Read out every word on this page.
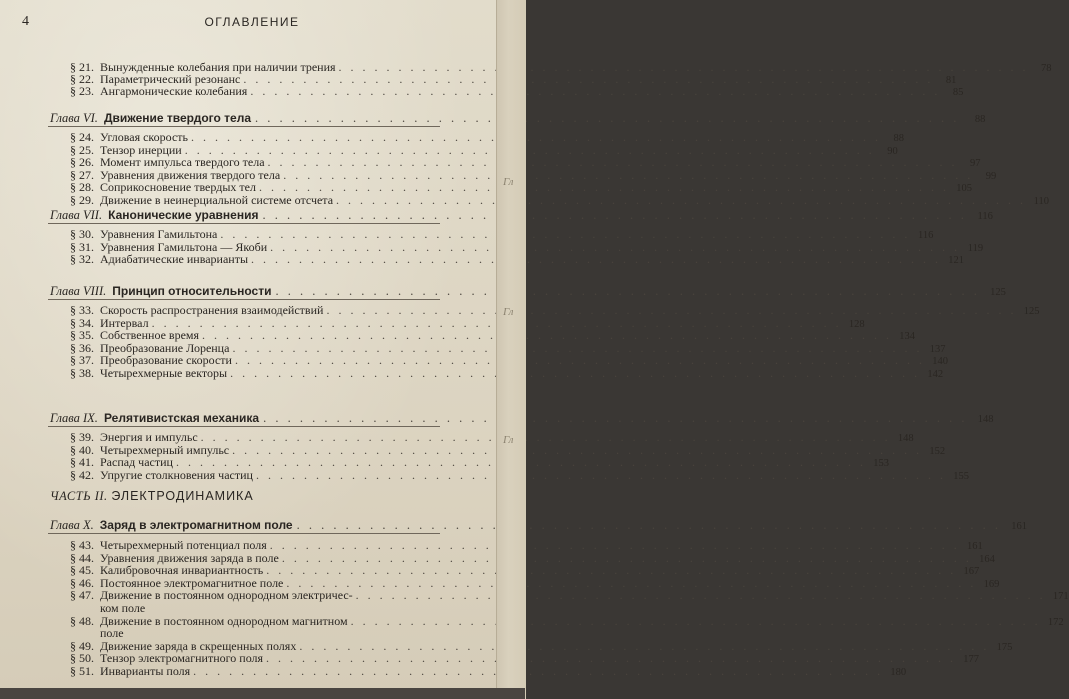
4	ОГЛАВЛЕНИЕ
§ 21. Вынужденные колебания при наличии трения . . .	78
§ 22. Параметрический резонанс . . .	81
§ 23. Ангармонические колебания . . .	85
Глава VI. Движение твердого тела . . .	88
§ 24. Угловая скорость . . .	88
§ 25. Тензор инерции . . .	90
§ 26. Момент импульса твердого тела . . .	97
§ 27. Уравнения движения твердого тела . . .	99
§ 28. Соприкосновение твердых тел . . .	105
§ 29. Движение в неинерциальной системе отсчета . . .	110
Глава VII. Канонические уравнения . . .	116
§ 30. Уравнения Гамильтона . . .	116
§ 31. Уравнения Гамильтона — Якоби . . .	119
§ 32. Адиабатические инварианты . . .	121
Глава VIII. Принцип относительности . . .	125
§ 33. Скорость распространения взаимодействий . . .	125
§ 34. Интервал . . .	128
§ 35. Собственное время . . .	134
§ 36. Преобразование Лоренца . . .	137
§ 37. Преобразование скорости . . .	140
§ 38. Четырехмерные векторы . . .	142
Глава IX. Релятивистская механика . . .	148
§ 39. Энергия и импульс . . .	148
§ 40. Четырехмерный импульс . . .	152
§ 41. Распад частиц . . .	153
§ 42. Упругие столкновения частиц . . .	155
Глава X. Заряд в электромагнитном поле . . .	161
§ 43. Четырехмерный потенциал поля . . .	161
§ 44. Уравнения движения заряда в поле . . .	164
§ 45. Калибровочная инвариантность . . .	167
§ 46. Постоянное электромагнитное поле . . .	169
§ 47. Движение в постоянном однородном электричес- . . .	171
ком поле
§ 48. Движение в постоянном однородном магнитном . . .	172
поле
§ 49. Движение заряда в скрещенных полях . . .	175
§ 50. Тензор электромагнитного поля . . .	177
§ 51. Инварианты поля . . .	180
ЧАСТЬ II. ЭЛЕКТРОДИНАМИКА
Гл
Гл
Гл
